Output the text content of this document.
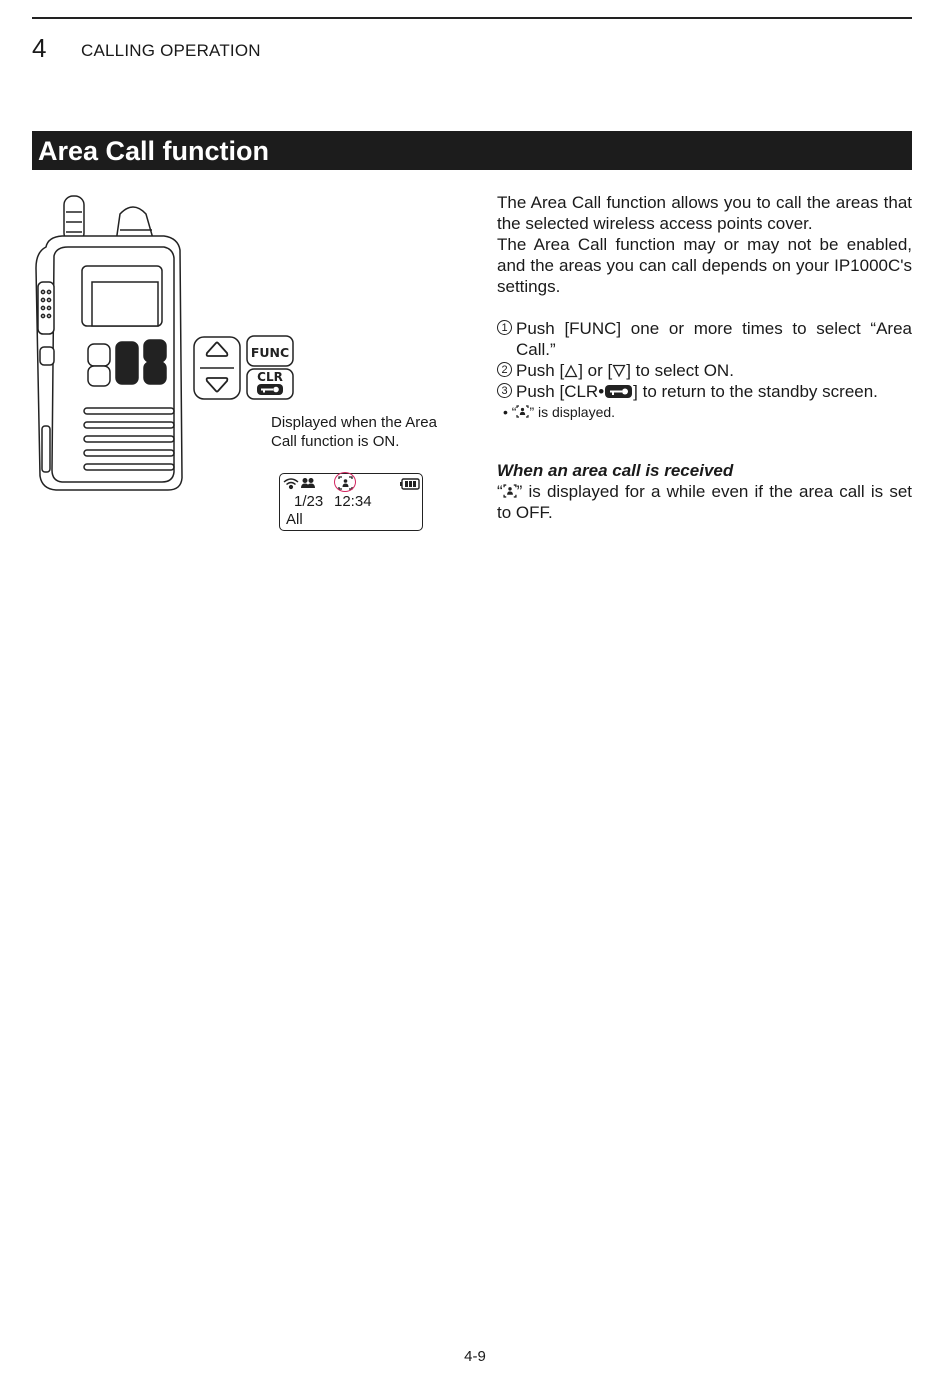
4 CALLING OPERATION
Area Call function
FUNC
CLR
Displayed when the Area Call function is ON.
1/23 12:34
All

The Area Call function allows you to call the areas that the selected wireless access points cover.

The Area Call function may or may not be enabled, and the areas you can call depends on your IP1000C's settings.

1 Push [FUNC] one or more times to select “Area Call.”

2 Push [ ] or [ ] to select ON.

3 Push [CLR• ] to return to the standby screen.

• “ ” is displayed.

When an area call is received

“ ” is displayed for a while even if the area call is set to OFF.

4-9
